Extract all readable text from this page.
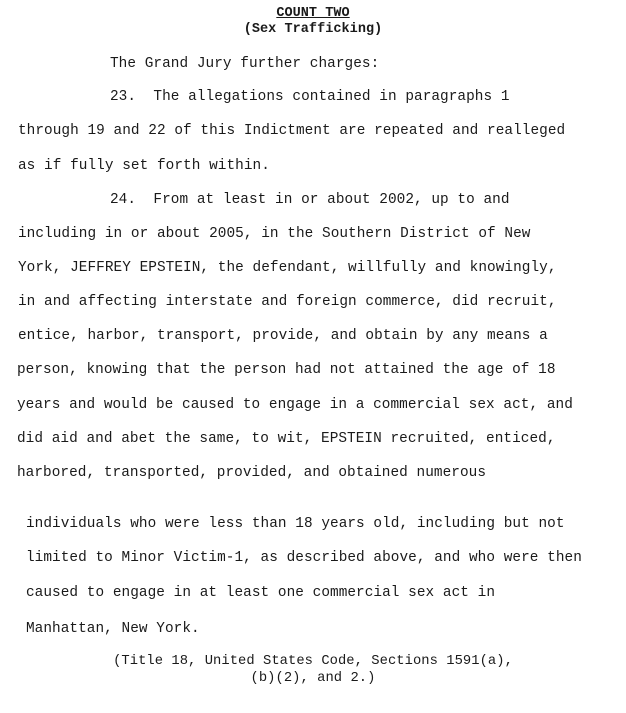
COUNT TWO
(Sex Trafficking)
The Grand Jury further charges:
23.  The allegations contained in paragraphs 1
through 19 and 22 of this Indictment are repeated and realleged
as if fully set forth within.
24.  From at least in or about 2002, up to and
including in or about 2005, in the Southern District of New
York, JEFFREY EPSTEIN, the defendant, willfully and knowingly,
in and affecting interstate and foreign commerce, did recruit,
entice, harbor, transport, provide, and obtain by any means a
person, knowing that the person had not attained the age of 18
years and would be caused to engage in a commercial sex act, and
did aid and abet the same, to wit, EPSTEIN recruited, enticed,
harbored, transported, provided, and obtained numerous
individuals who were less than 18 years old, including but not
limited to Minor Victim-1, as described above, and who were then
caused to engage in at least one commercial sex act in
Manhattan, New York.
(Title 18, United States Code, Sections 1591(a),
(b)(2), and 2.)
